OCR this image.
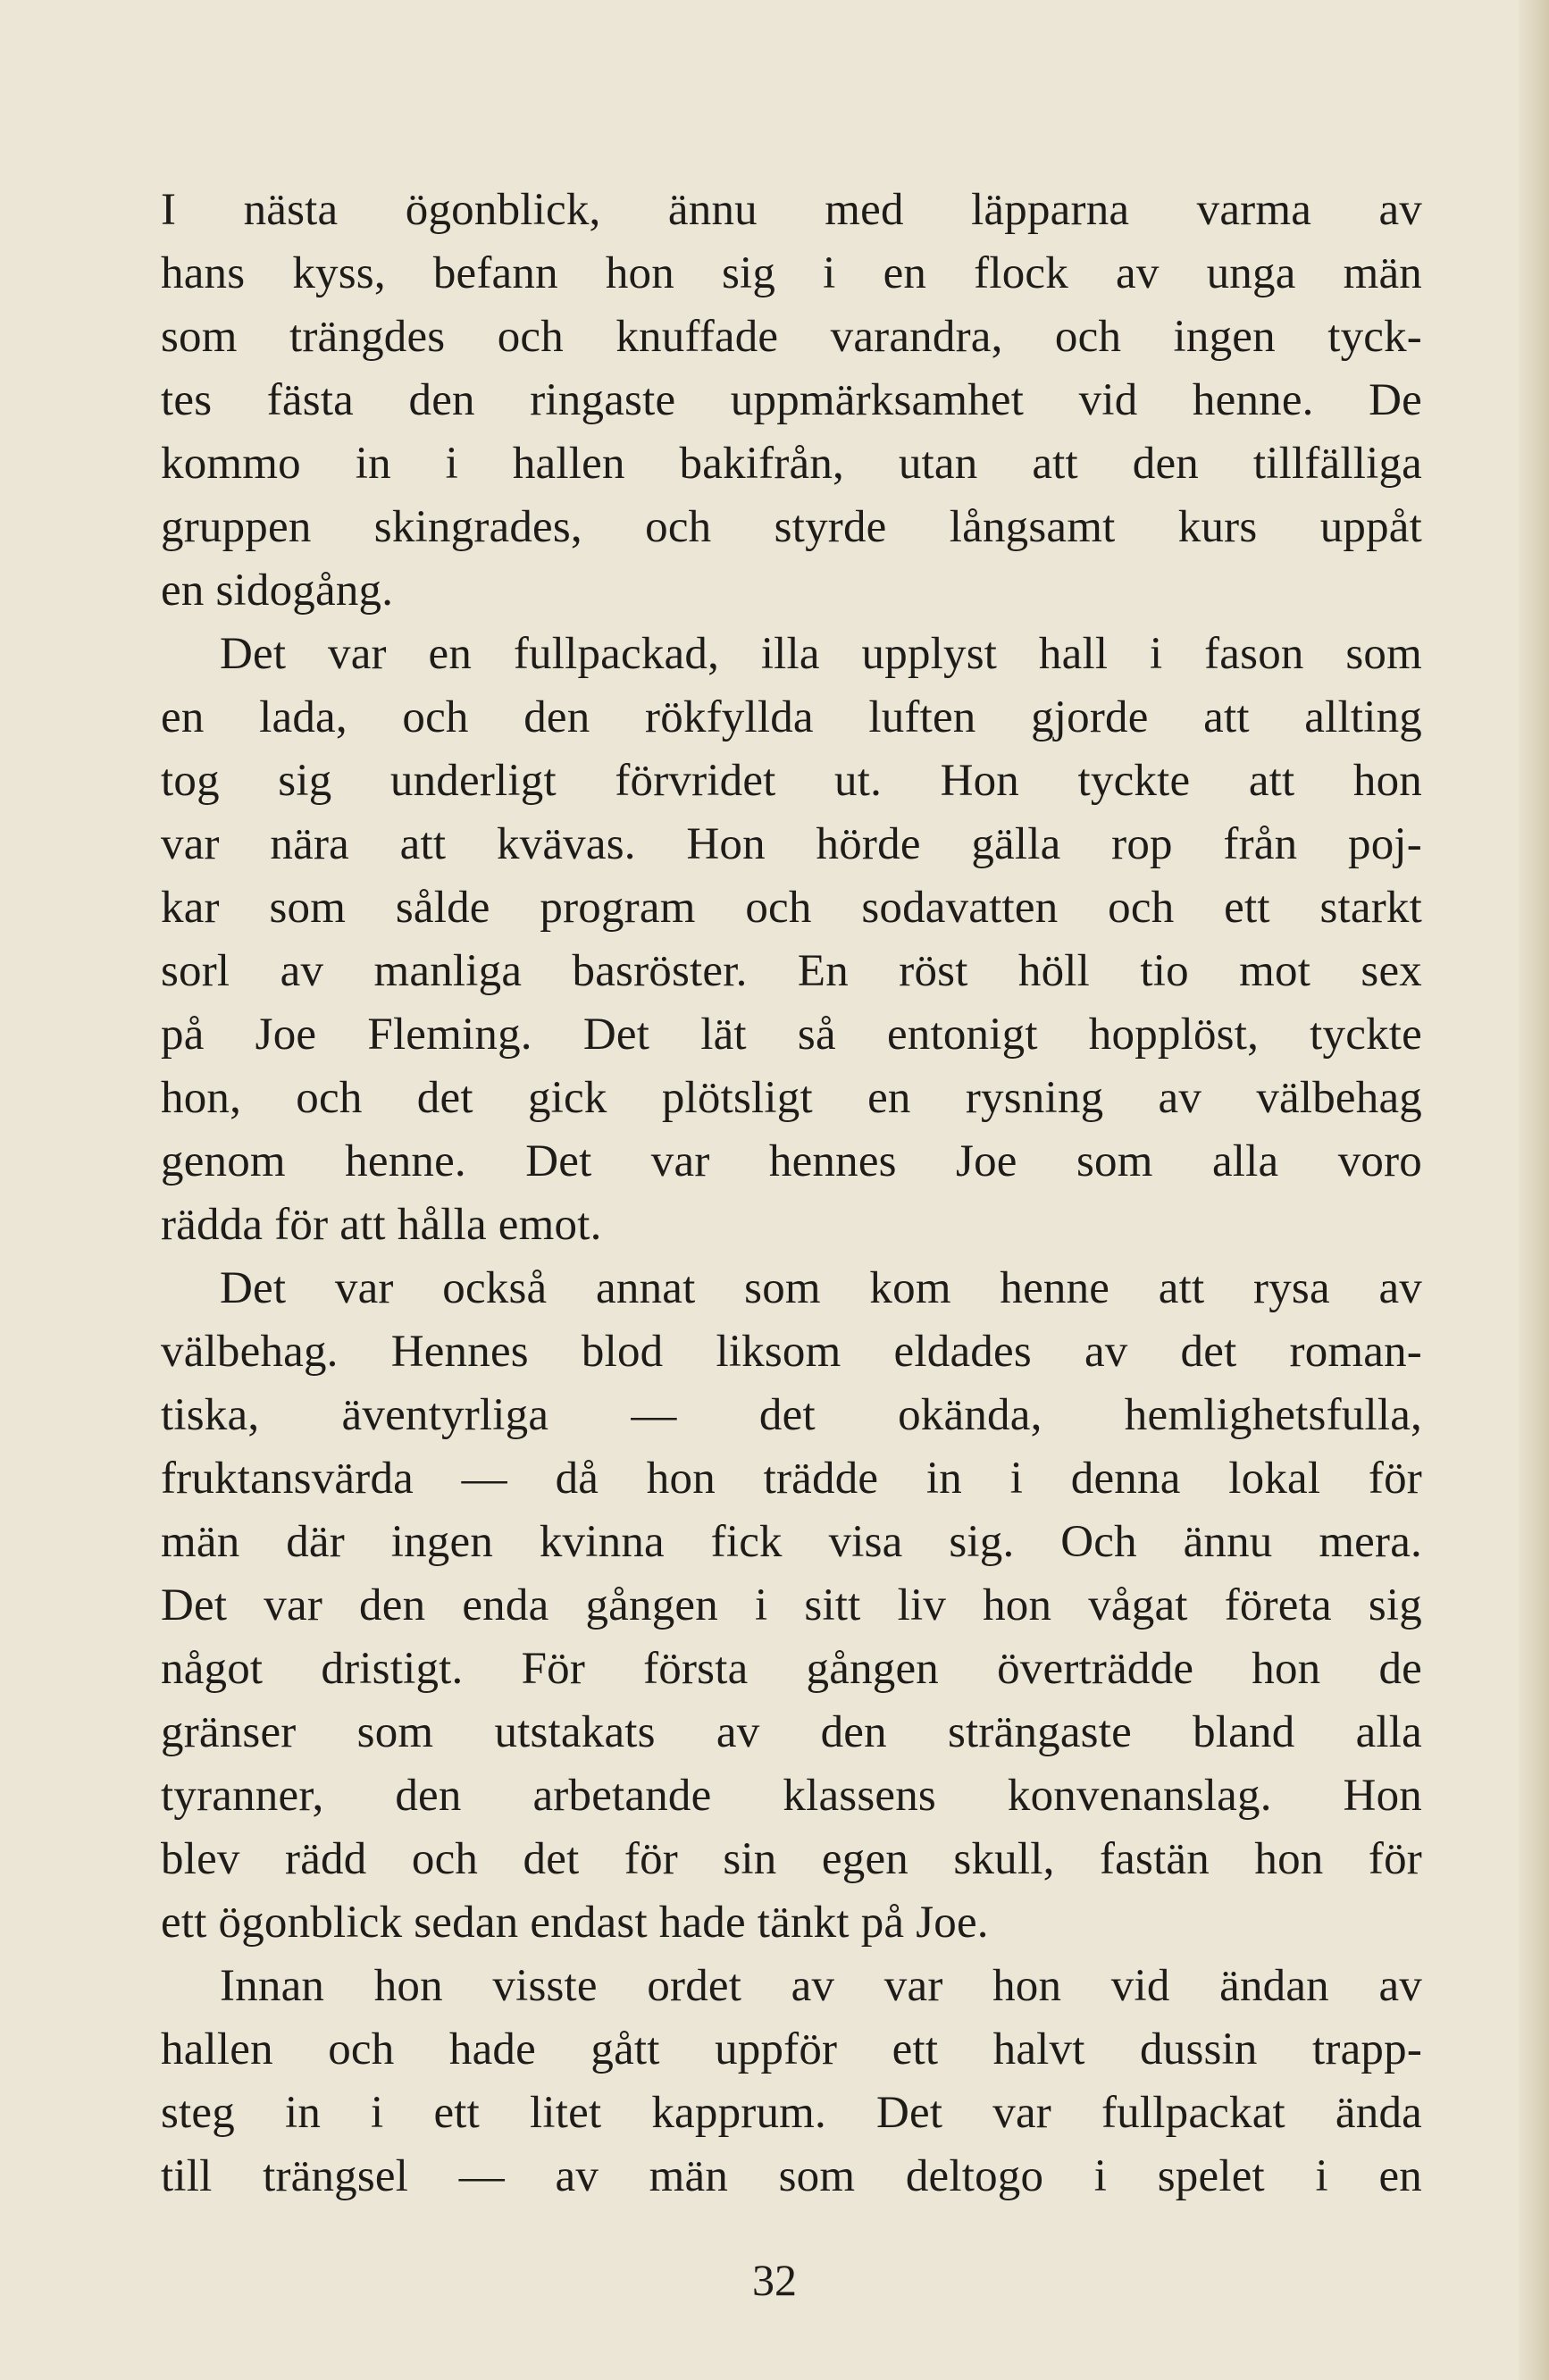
I nästa ögonblick, ännu med läpparna varma av
hans kyss, befann hon sig i en flock av unga män
som trängdes och knuffade varandra, och ingen tyck-
tes fästa den ringaste uppmärksamhet vid henne. De
kommo in i hallen bakifrån, utan att den tillfälliga
gruppen skingrades, och styrde långsamt kurs uppåt
en sidogång.

Det var en fullpackad, illa upplyst hall i fason som
en lada, och den rökfyllda luften gjorde att allting
tog sig underligt förvridet ut. Hon tyckte att hon
var nära att kvävas. Hon hörde gälla rop från poj-
kar som sålde program och sodavatten och ett starkt
sorl av manliga basröster. En röst höll tio mot sex
på Joe Fleming. Det lät så entonigt hopplöst, tyckte
hon, och det gick plötsligt en rysning av välbehag
genom henne. Det var hennes Joe som alla voro
rädda för att hålla emot.

Det var också annat som kom henne att rysa av
välbehag. Hennes blod liksom eldades av det roman-
tiska, äventyrliga — det okända, hemlighetsfulla,
fruktansvärda — då hon trädde in i denna lokal för
män där ingen kvinna fick visa sig. Och ännu mera.
Det var den enda gången i sitt liv hon vågat företa sig
något dristigt. För första gången överträdde hon de
gränser som utstakats av den strängaste bland alla
tyranner, den arbetande klassens konvenanslag. Hon
blev rädd och det för sin egen skull, fastän hon för
ett ögonblick sedan endast hade tänkt på Joe.

Innan hon visste ordet av var hon vid ändan av
hallen och hade gått uppför ett halvt dussin trapp-
steg in i ett litet kapprum. Det var fullpackat ända
till trängsel — av män som deltogo i spelet i en

32
